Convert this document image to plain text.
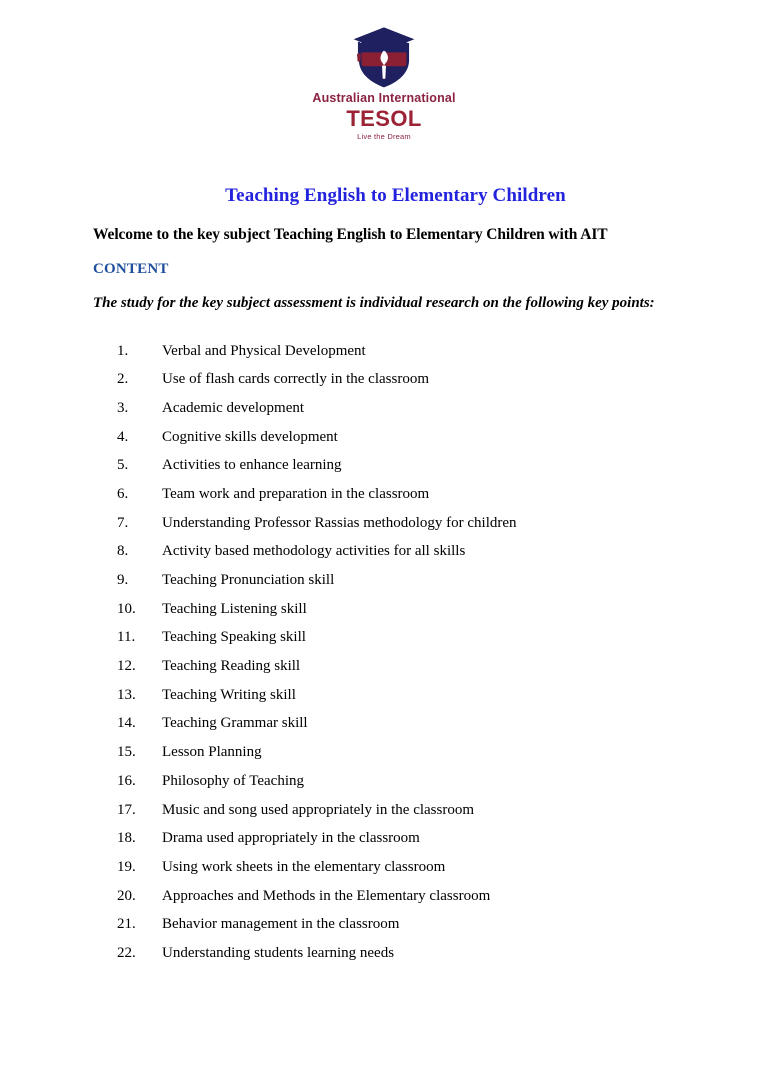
Australian International
TESOL
Live the Dream
Teaching English to Elementary Children

Welcome to the key subject Teaching English to Elementary Children with AIT

CONTENT

The study for the key subject assessment is individual research on the following key points:

1.	Verbal and Physical Development
2.	Use of flash cards correctly in the classroom
3.	Academic development
4.	Cognitive skills development
5.	Activities to enhance learning
6.	Team work and preparation in the classroom
7.	Understanding Professor Rassias methodology for children
8.	Activity based methodology activities for all skills
9.	Teaching Pronunciation skill
10.	Teaching Listening skill
11.	Teaching Speaking skill
12.	Teaching Reading skill
13.	Teaching Writing skill
14.	Teaching Grammar skill
15.	Lesson Planning
16.	Philosophy of Teaching
17.	Music and song used appropriately in the classroom
18.	Drama used appropriately in the classroom
19.	Using work sheets in the elementary classroom
20.	Approaches and Methods in the Elementary classroom
21.	Behavior management in the classroom
22.	Understanding students learning needs
